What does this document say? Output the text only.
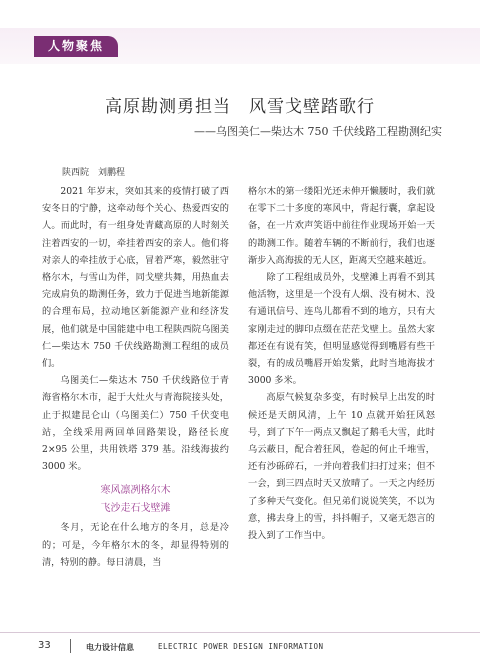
人物聚焦
高原勘测勇担当　风雪戈壁踏歌行
——乌图美仁—柴达木 750 千伏线路工程勘测纪实
陕西院　刘鹏程

2021 年岁末，突如其来的疫情打破了西安冬日的宁静，这牵动每个关心、热爱西安的人。而此时，有一组身处青藏高原的人时刻关注着西安的一切，牵挂着西安的亲人。他们将对亲人的牵挂放于心底，冒着严寒，毅然驻守格尔木，与雪山为伴，同戈壁共舞，用热血去完成肩负的勘测任务，致力于促进当地新能源的合理布局，拉动地区新能源产业和经济发展，他们就是中国能建中电工程陕西院乌图美仁—柴达木 750 千伏线路勘测工程组的成员们。

乌图美仁—柴达木 750 千伏线路位于青海省格尔木市，起于大灶火与青海院接头处，止于拟建昆仑山（乌图美仁）750 千伏变电站，全线采用两回单回路架设，路径长度 2×95 公里，共用铁塔 379 基。沿线海拔约 3000 米。

寒风凛冽格尔木
飞沙走石戈壁滩

冬月，无论在什么地方的冬月，总是冷的；可是，今年格尔木的冬，却显得特别的清，特别的静。每日清晨，当

格尔木的第一缕阳光还未伸开懒腰时，我们就在零下二十多度的寒风中，背起行囊，拿起设备，在一片欢声笑语中前往作业现场开始一天的勘测工作。随着车辆的不断前行，我们也逐渐步入高海拔的无人区，距离天空越来越近。

除了工程组成员外，戈壁滩上再看不到其他活物，这里是一个没有人烟、没有树木、没有通讯信号、连鸟儿都看不到的地方，只有大家刚走过的脚印点缀在茫茫戈壁上。虽然大家都还在有说有笑，但明显感觉得到嘴唇有些干裂，有的成员嘴唇开始发紫，此时当地海拔才 3000 多米。

高原气候复杂多变，有时候早上出发的时候还是天朗风清，上午 10 点就开始狂风怒号，到了下午一两点又飘起了鹅毛大雪，此时乌云蔽日，配合着狂风，卷起的何止千堆雪，还有沙砾碎石，一并向着我们扫打过来；但不一会，到三四点时天又放晴了。一天之内经历了多种天气变化。但兄弟们说说笑笑，不以为意，拂去身上的雪，抖抖帽子，又毫无怨言的投入到了工作当中。

33	电力设计信息	ELECTRIC POWER DESIGN INFORMATION
